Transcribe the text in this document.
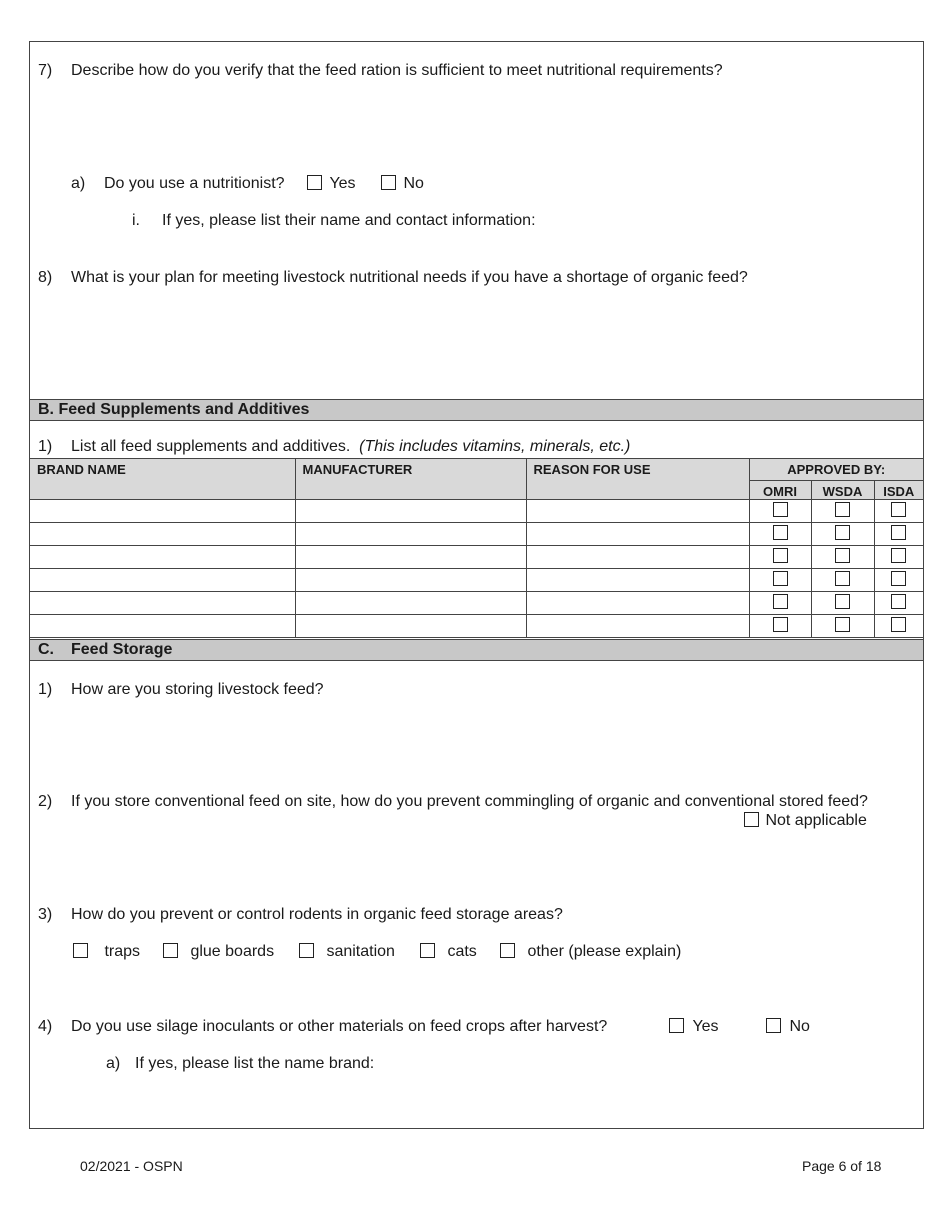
7) Describe how do you verify that the feed ration is sufficient to meet nutritional requirements?
a) Do you use a nutritionist?	Yes	No
i. If yes, please list their name and contact information:
8) What is your plan for meeting livestock nutritional needs if you have a shortage of organic feed?
B. Feed Supplements and Additives
1) List all feed supplements and additives. (This includes vitamins, minerals, etc.)
BRAND NAME	MANUFACTURER	REASON FOR USE	APPROVED BY:		
			OMRI	WSDA	ISDA

C. Feed Storage
1) How are you storing livestock feed?
2) If you store conventional feed on site, how do you prevent commingling of organic and conventional stored feed?
Not applicable
3) How do you prevent or control rodents in organic feed storage areas?
traps	glue boards	sanitation	cats	other (please explain)
4) Do you use silage inoculants or other materials on feed crops after harvest?	Yes	No
a) If yes, please list the name brand:
02/2021 - OSPN	Page 6 of 18
